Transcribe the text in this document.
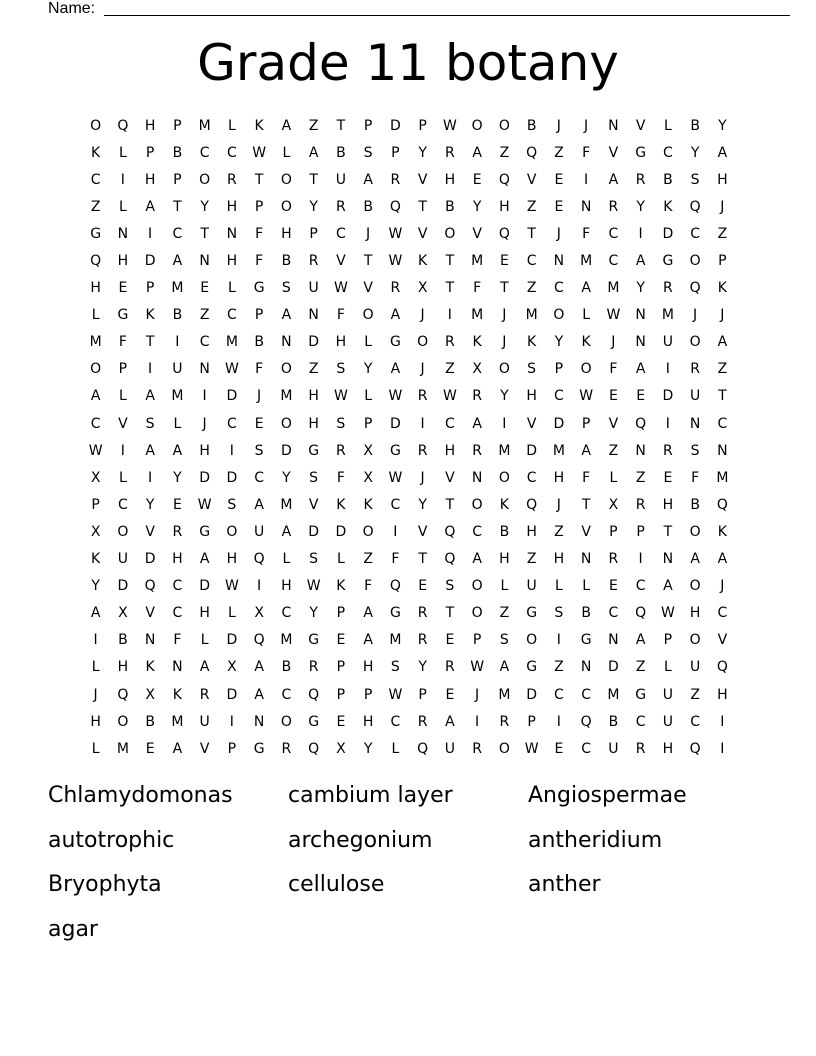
Name:
Grade 11 botany
O	Q	H	P	M	L	K	A	Z	T	P	D	P	W	O	O	B	J	J	N	V	L	B	Y
K	L	P	B	C	C	W	L	A	B	S	P	Y	R	A	Z	Q	Z	F	V	G	C	Y	A
C	I	H	P	O	R	T	O	T	U	A	R	V	H	E	Q	V	E	I	A	R	B	S	H
Z	L	A	T	Y	H	P	O	Y	R	B	Q	T	B	Y	H	Z	E	N	R	Y	K	Q	J
G	N	I	C	T	N	F	H	P	C	J	W	V	O	V	Q	T	J	F	C	I	D	C	Z
Q	H	D	A	N	H	F	B	R	V	T	W	K	T	M	E	C	N	M	C	A	G	O	P
H	E	P	M	E	L	G	S	U	W	V	R	X	T	F	T	Z	C	A	M	Y	R	Q	K
L	G	K	B	Z	C	P	A	N	F	O	A	J	I	M	J	M	O	L	W	N	M	J	J
M	F	T	I	C	M	B	N	D	H	L	G	O	R	K	J	K	Y	K	J	N	U	O	A
O	P	I	U	N	W	F	O	Z	S	Y	A	J	Z	X	O	S	P	O	F	A	I	R	Z
A	L	A	M	I	D	J	M	H	W	L	W	R	W	R	Y	H	C	W	E	E	D	U	T
C	V	S	L	J	C	E	O	H	S	P	D	I	C	A	I	V	D	P	V	Q	I	N	C
W	I	A	A	H	I	S	D	G	R	X	G	R	H	R	M	D	M	A	Z	N	R	S	N
X	L	I	Y	D	D	C	Y	S	F	X	W	J	V	N	O	C	H	F	L	Z	E	F	M
P	C	Y	E	W	S	A	M	V	K	K	C	Y	T	O	K	Q	J	T	X	R	H	B	Q
X	O	V	R	G	O	U	A	D	D	O	I	V	Q	C	B	H	Z	V	P	P	T	O	K
K	U	D	H	A	H	Q	L	S	L	Z	F	T	Q	A	H	Z	H	N	R	I	N	A	A
Y	D	Q	C	D	W	I	H	W	K	F	Q	E	S	O	L	U	L	L	E	C	A	O	J
A	X	V	C	H	L	X	C	Y	P	A	G	R	T	O	Z	G	S	B	C	Q	W	H	C
I	B	N	F	L	D	Q	M	G	E	A	M	R	E	P	S	O	I	G	N	A	P	O	V
L	H	K	N	A	X	A	B	R	P	H	S	Y	R	W	A	G	Z	N	D	Z	L	U	Q
J	Q	X	K	R	D	A	C	Q	P	P	W	P	E	J	M	D	C	C	M	G	U	Z	H
H	O	B	M	U	I	N	O	G	E	H	C	R	A	I	R	P	I	Q	B	C	U	C	I
L	M	E	A	V	P	G	R	Q	X	Y	L	Q	U	R	O	W	E	C	U	R	H	Q	I
Chlamydomonas	cambium layer	Angiospermae
autotrophic	archegonium	antheridium
Bryophyta	cellulose	anther
agar
